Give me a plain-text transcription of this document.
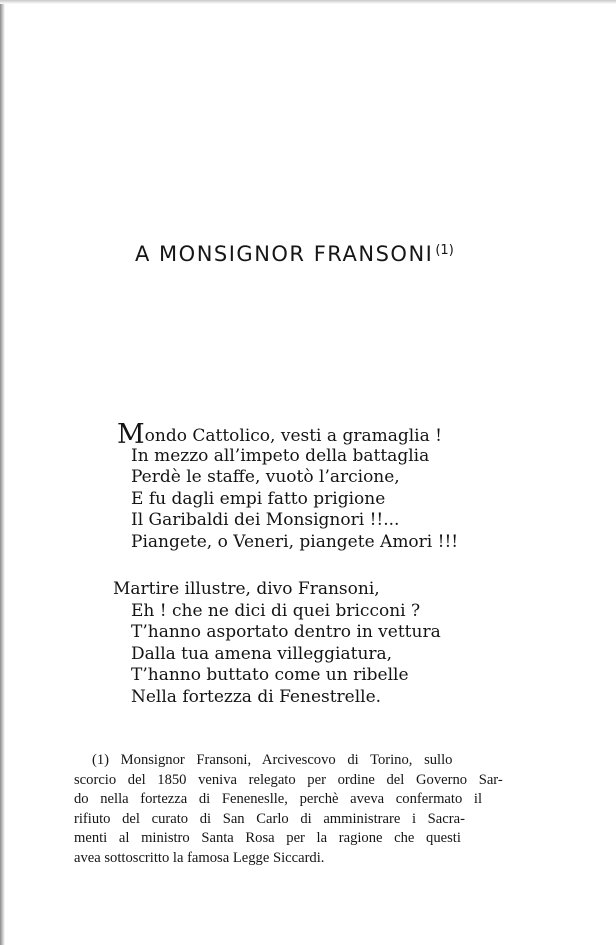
A MONSIGNOR FRANSONI $^{(1)}$
Mondo Cattolico, vesti a gramaglia !
In mezzo all’impeto della battaglia
Perdè le staffe, vuotò l’arcione,
E fu dagli empi fatto prigione
Il Garibaldi dei Monsignori !!...
Piangete, o Veneri, piangete Amori !!!
Martire illustre, divo Fransoni,
Eh ! che ne dici di quei bricconi ?
T’hanno asportato dentro in vettura
Dalla tua amena villeggiatura,
T’hanno buttato come un ribelle
Nella fortezza di Fenestrelle.
(1) Monsignor Fransoni, Arcivescovo di Torino, sullo
scorcio del 1850 veniva relegato per ordine del Governo Sar-
do nella fortezza di Feneneslle, perchè aveva confermato il
rifiuto del curato di San Carlo di amministrare i Sacra-
menti al ministro Santa Rosa per la ragione che questi
avea sottoscritto la famosa Legge Siccardi.
